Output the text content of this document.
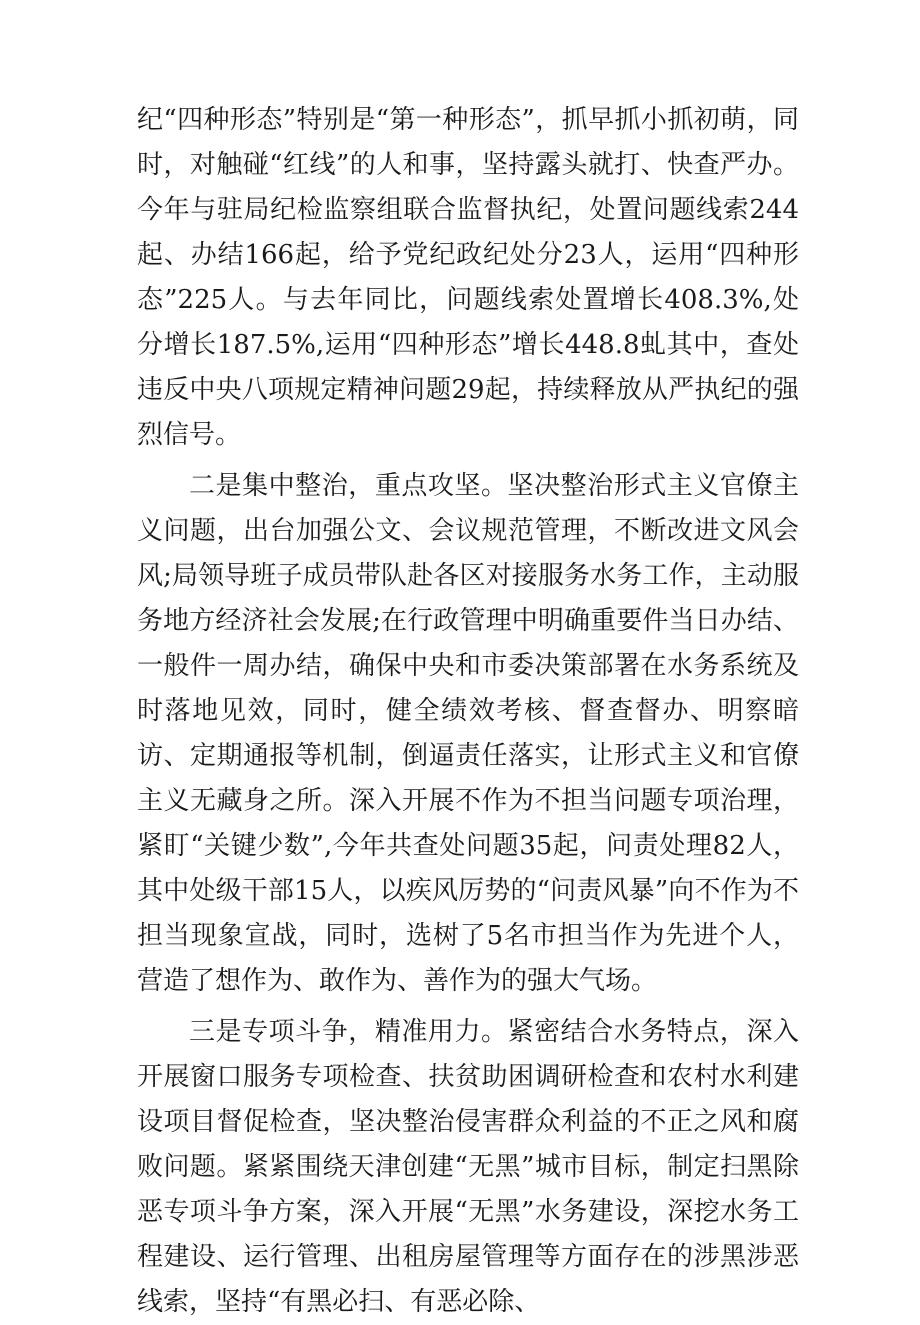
纪“四种形态”特别是“第一种形态”，抓早抓小抓初萌，同时，对触碰“红线”的人和事，坚持露头就打、快查严办。今年与驻局纪检监察组联合监督执纪，处置问题线索244起、办结166起，给予党纪政纪处分23人，运用“四种形态”225人。与去年同比，问题线索处置增长408.3%,处分增长187.5%,运用“四种形态”增长448.8虬其中，查处违反中央八项规定精神问题29起，持续释放从严执纪的强烈信号。

二是集中整治，重点攻坚。坚决整治形式主义官僚主义问题，出台加强公文、会议规范管理，不断改进文风会风;局领导班子成员带队赴各区对接服务水务工作，主动服务地方经济社会发展;在行政管理中明确重要件当日办结、一般件一周办结，确保中央和市委决策部署在水务系统及时落地见效，同时，健全绩效考核、督查督办、明察暗访、定期通报等机制，倒逼责任落实，让形式主义和官僚主义无藏身之所。深入开展不作为不担当问题专项治理，紧盯“关键少数”,今年共查处问题35起，问责处理82人，其中处级干部15人，以疾风厉势的“问责风暴”向不作为不担当现象宣战，同时，选树了5名市担当作为先进个人，营造了想作为、敢作为、善作为的强大气场。

三是专项斗争，精准用力。紧密结合水务特点，深入开展窗口服务专项检查、扶贫助困调研检查和农村水利建设项目督促检查，坚决整治侵害群众利益的不正之风和腐败问题。紧紧围绕天津创建“无黑”城市目标，制定扫黑除恶专项斗争方案，深入开展“无黑”水务建设，深挖水务工程建设、运行管理、出租房屋管理等方面存在的涉黑涉恶线索，坚持“有黑必扫、有恶必除、
